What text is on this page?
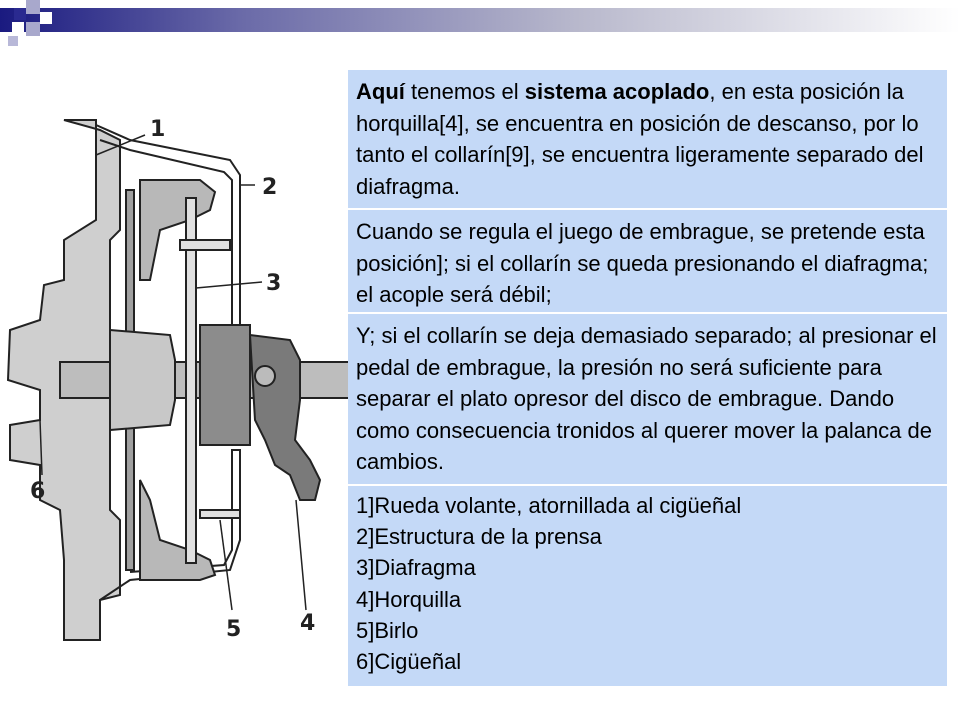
1
2
3
4
5
6

Aquí tenemos el sistema acoplado, en esta posición la horquilla[4], se encuentra en posición de descanso, por lo tanto el collarín[9], se encuentra ligeramente separado del diafragma.

Cuando se regula el juego de embrague, se pretende esta posición]; si el collarín se queda presionando el diafragma; el acople será débil;

Y; si el collarín se deja demasiado separado; al presionar el pedal de embrague, la presión no será suficiente para separar el plato opresor del disco de embrague. Dando como consecuencia tronidos al querer mover la palanca de cambios.

1]Rueda volante, atornillada al cigüeñal

2]Estructura de la prensa

3]Diafragma

4]Horquilla

5]Birlo

6]Cigüeñal
